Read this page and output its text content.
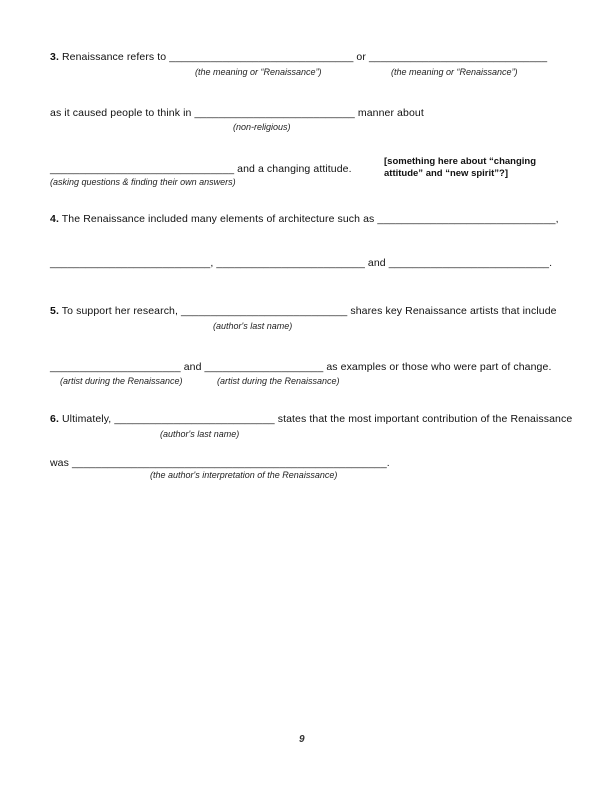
3. Renaissance refers to _______________________________ or ______________________________
(the meaning or “Renaissance”)	(the meaning or “Renaissance”)
as it caused people to think in ___________________________ manner about
(non-religious)
_______________________________ and a changing attitude.
(asking questions & finding their own answers)
[something here about “changing attitude” and “new spirit”?]
4. The Renaissance included many elements of architecture such as ______________________________,
___________________________, _________________________ and ___________________________.
5. To support her research, ____________________________ shares key Renaissance artists that include
(author's last name)
______________________ and ____________________ as examples or those who were part of change.
(artist during the Renaissance)	(artist during the Renaissance)
6. Ultimately, ___________________________ states that the most important contribution of the Renaissance
(author's last name)
was _____________________________________________________.
(the author's interpretation of the Renaissance)
9
